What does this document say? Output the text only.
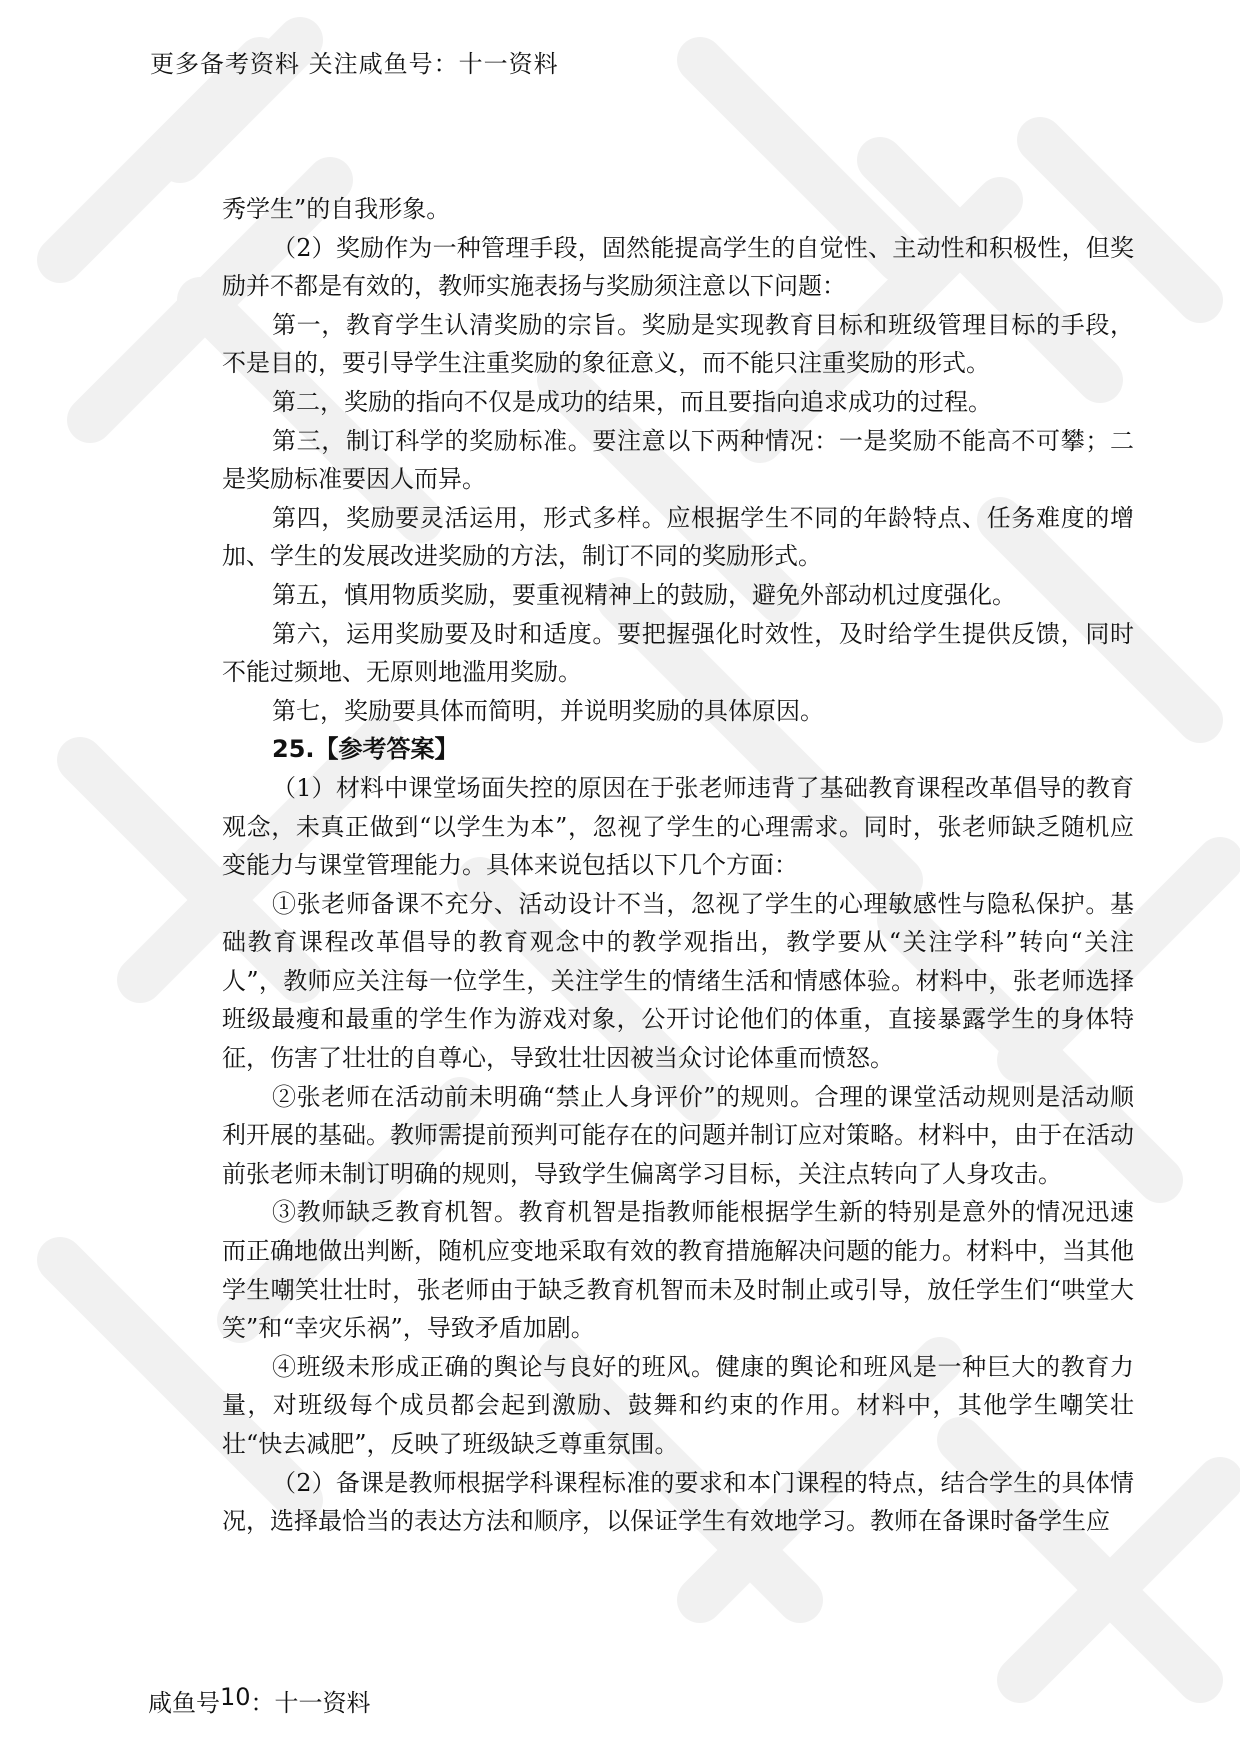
更多备考资料 关注咸鱼号：十一资料

秀学生”的自我形象。

（2）奖励作为一种管理手段，固然能提高学生的自觉性、主动性和积极性，但奖励并不都是有效的，教师实施表扬与奖励须注意以下问题：

第一，教育学生认清奖励的宗旨。奖励是实现教育目标和班级管理目标的手段，不是目的，要引导学生注重奖励的象征意义，而不能只注重奖励的形式。

第二，奖励的指向不仅是成功的结果，而且要指向追求成功的过程。

第三，制订科学的奖励标准。要注意以下两种情况：一是奖励不能高不可攀；二是奖励标准要因人而异。

第四，奖励要灵活运用，形式多样。应根据学生不同的年龄特点、任务难度的增加、学生的发展改进奖励的方法，制订不同的奖励形式。

第五，慎用物质奖励，要重视精神上的鼓励，避免外部动机过度强化。

第六，运用奖励要及时和适度。要把握强化时效性，及时给学生提供反馈，同时不能过频地、无原则地滥用奖励。

第七，奖励要具体而简明，并说明奖励的具体原因。

25.【参考答案】

（1）材料中课堂场面失控的原因在于张老师违背了基础教育课程改革倡导的教育观念，未真正做到“以学生为本”，忽视了学生的心理需求。同时，张老师缺乏随机应变能力与课堂管理能力。具体来说包括以下几个方面：

①张老师备课不充分、活动设计不当，忽视了学生的心理敏感性与隐私保护。基础教育课程改革倡导的教育观念中的教学观指出，教学要从“关注学科”转向“关注人”，教师应关注每一位学生，关注学生的情绪生活和情感体验。材料中，张老师选择班级最瘦和最重的学生作为游戏对象，公开讨论他们的体重，直接暴露学生的身体特征，伤害了壮壮的自尊心，导致壮壮因被当众讨论体重而愤怒。

②张老师在活动前未明确“禁止人身评价”的规则。合理的课堂活动规则是活动顺利开展的基础。教师需提前预判可能存在的问题并制订应对策略。材料中，由于在活动前张老师未制订明确的规则，导致学生偏离学习目标，关注点转向了人身攻击。

③教师缺乏教育机智。教育机智是指教师能根据学生新的特别是意外的情况迅速而正确地做出判断，随机应变地采取有效的教育措施解决问题的能力。材料中，当其他学生嘲笑壮壮时，张老师由于缺乏教育机智而未及时制止或引导，放任学生们“哄堂大笑”和“幸灾乐祸”，导致矛盾加剧。

④班级未形成正确的舆论与良好的班风。健康的舆论和班风是一种巨大的教育力量，对班级每个成员都会起到激励、鼓舞和约束的作用。材料中，其他学生嘲笑壮壮“快去减肥”，反映了班级缺乏尊重氛围。

（2）备课是教师根据学科课程标准的要求和本门课程的特点，结合学生的具体情况，选择最恰当的表达方法和顺序，以保证学生有效地学习。教师在备课时备学生应

咸鱼号10：十一资料
